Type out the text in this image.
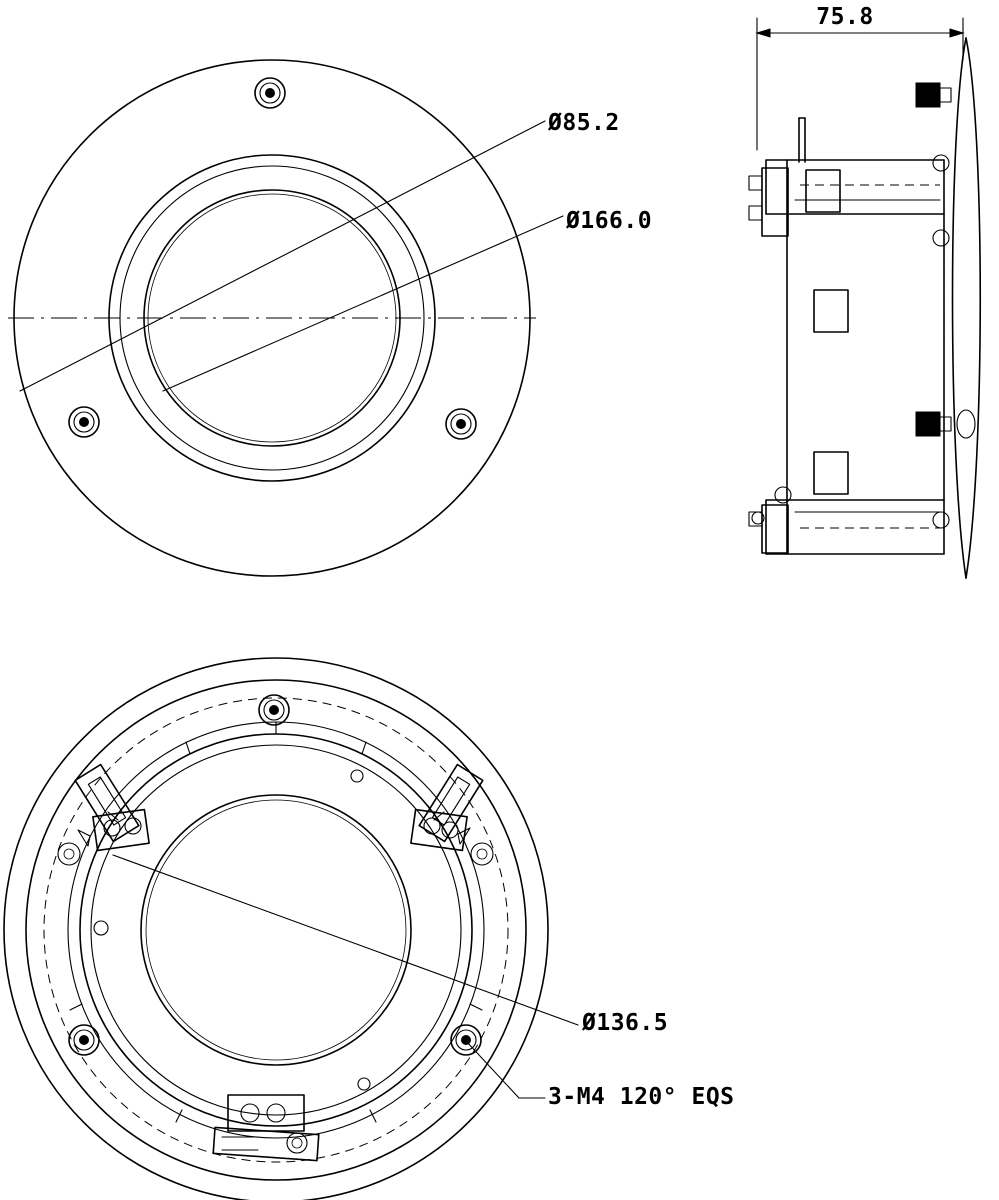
Ø85.2
Ø166.0
75.8
Ø136.5
3-M4 120° EQS
